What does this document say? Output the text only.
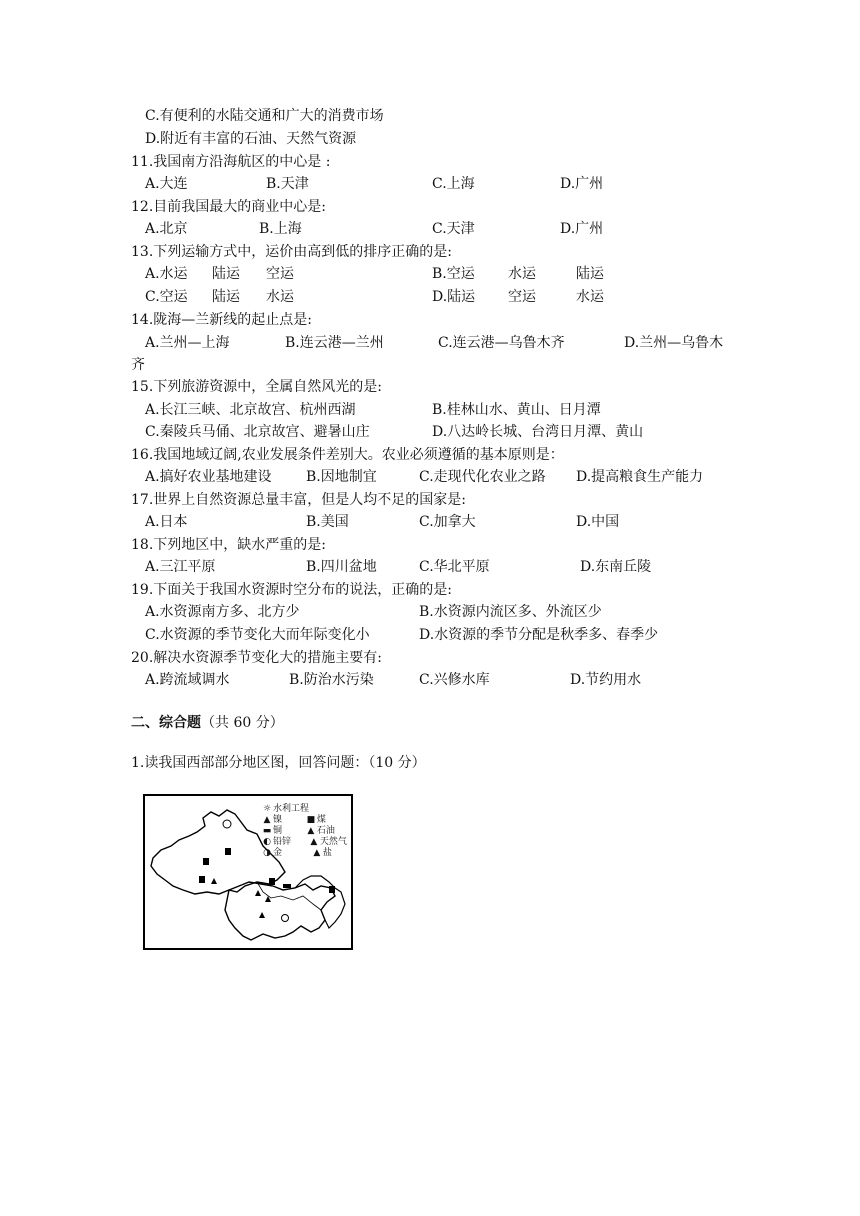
C.有便利的水陆交通和广大的消费市场
D.附近有丰富的石油、天然气资源
11.我国南方沿海航区的中心是 :
A.大连	B.天津	C.上海	D.广州
12.目前我国最大的商业中心是:
A.北京	B.上海	C.天津	D.广州
13.下列运输方式中，运价由高到低的排序正确的是:
A.水运 陆运 空运	B.空运 水运	陆运
C.空运 陆运 水运	D.陆运 空运	水运
14.陇海—兰新线的起止点是:
A.兰州—上海	B.连云港—兰州	C.连云港—乌鲁木齐	D.兰州—乌鲁木
齐
15.下列旅游资源中，全属自然风光的是:
A.长江三峡、北京故宫、杭州西湖	B.桂林山水、黄山、日月潭
C.秦陵兵马俑、北京故宫、避暑山庄	D.八达岭长城、台湾日月潭、黄山
16.我国地域辽阔,农业发展条件差别大。农业必须遵循的基本原则是：
A.搞好农业基地建设 B.因地制宜	C.走现代化农业之路 D.提高粮食生产能力
17.世界上自然资源总量丰富，但是人均不足的国家是:
A.日本	B.美国	C.加拿大	D.中国
18.下列地区中，缺水严重的是:
A.三江平原	B.四川盆地	C.华北平原	D.东南丘陵
19.下面关于我国水资源时空分布的说法，正确的是:
A.水资源南方多、北方少	B.水资源内流区多、外流区少
C.水资源的季节变化大而年际变化小	D.水资源的季节分配是秋季多、春季少
20.解决水资源季节变化大的措施主要有:
A.跨流域调水	B.防治水污染	C.兴修水库	D.节约用水
二、综合题（共 60 分）
1.读我国西部部分地区图，回答问题：（10 分）
☼ 水利工程
▲ 镍	■ 煤
▬ 铜	▲ 石油
◐ 铅锌 ▲ 天然气
◑ 金	▲ 盐
